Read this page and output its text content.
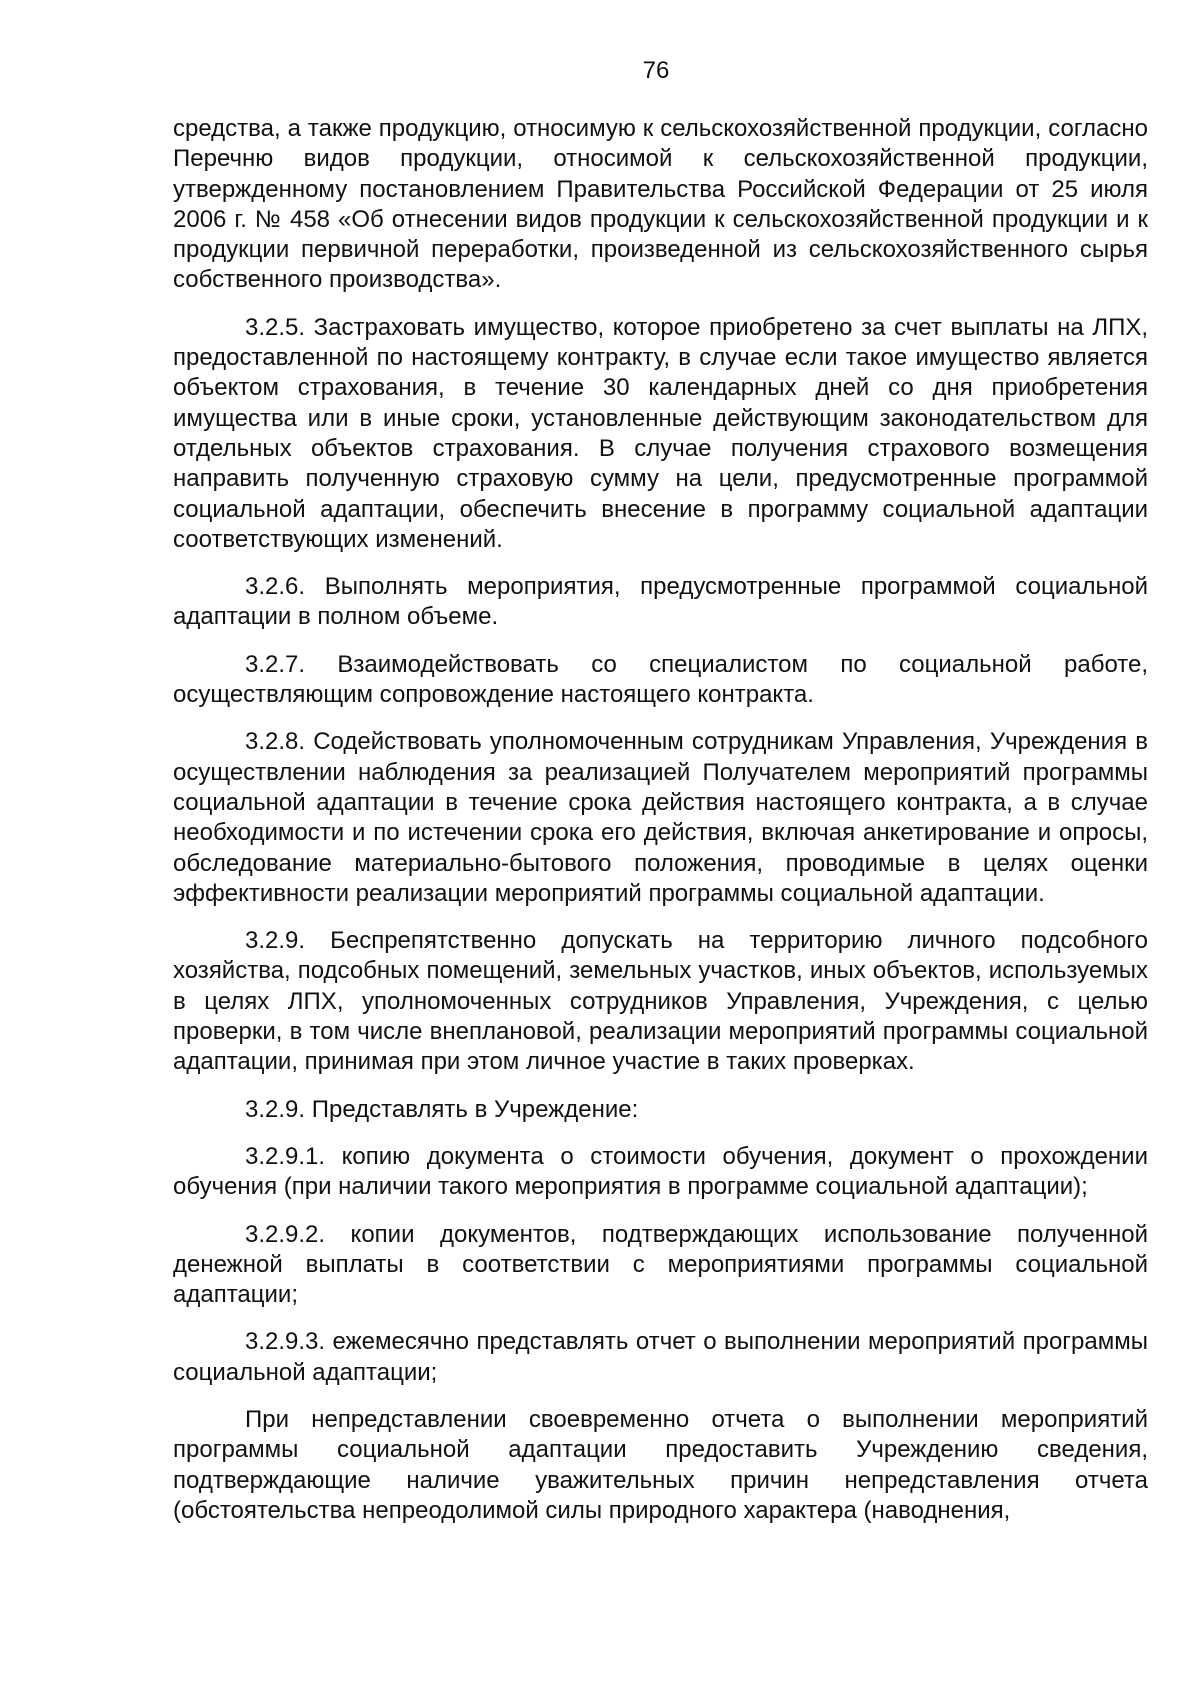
76

средства, а также продукцию, относимую к сельскохозяйственной продукции, согласно Перечню видов продукции, относимой к сельскохозяйственной продукции, утвержденному постановлением Правительства Российской Федерации от 25 июля 2006 г. № 458 «Об отнесении видов продукции к сельскохозяйственной продукции и к продукции первичной переработки, произведенной из сельскохозяйственного сырья собственного производства».

3.2.5. Застраховать имущество, которое приобретено за счет выплаты на ЛПХ, предоставленной по настоящему контракту, в случае если такое имущество является объектом страхования, в течение 30 календарных дней со дня приобретения имущества или в иные сроки, установленные действующим законодательством для отдельных объектов страхования. В случае получения страхового возмещения направить полученную страховую сумму на цели, предусмотренные программой социальной адаптации, обеспечить внесение в программу социальной адаптации соответствующих изменений.

3.2.6. Выполнять мероприятия, предусмотренные программой социальной адаптации в полном объеме.

3.2.7. Взаимодействовать со специалистом по социальной работе, осуществляющим сопровождение настоящего контракта.

3.2.8. Содействовать уполномоченным сотрудникам Управления, Учреждения в осуществлении наблюдения за реализацией Получателем мероприятий программы социальной адаптации в течение срока действия настоящего контракта, а в случае необходимости и по истечении срока его действия, включая анкетирование и опросы, обследование материально-бытового положения, проводимые в целях оценки эффективности реализации мероприятий программы социальной адаптации.

3.2.9. Беспрепятственно допускать на территорию личного подсобного хозяйства, подсобных помещений, земельных участков, иных объектов, используемых в целях ЛПХ, уполномоченных сотрудников Управления, Учреждения, с целью проверки, в том числе внеплановой, реализации мероприятий программы социальной адаптации, принимая при этом личное участие в таких проверках.

3.2.9. Представлять в Учреждение:

3.2.9.1. копию документа о стоимости обучения, документ о прохождении обучения (при наличии такого мероприятия в программе социальной адаптации);

3.2.9.2. копии документов, подтверждающих использование полученной денежной выплаты в соответствии с мероприятиями программы социальной адаптации;

3.2.9.3. ежемесячно представлять отчет о выполнении мероприятий программы социальной адаптации;

При непредставлении своевременно отчета о выполнении мероприятий программы социальной адаптации предоставить Учреждению сведения, подтверждающие наличие уважительных причин непредставления отчета (обстоятельства непреодолимой силы природного характера (наводнения,
